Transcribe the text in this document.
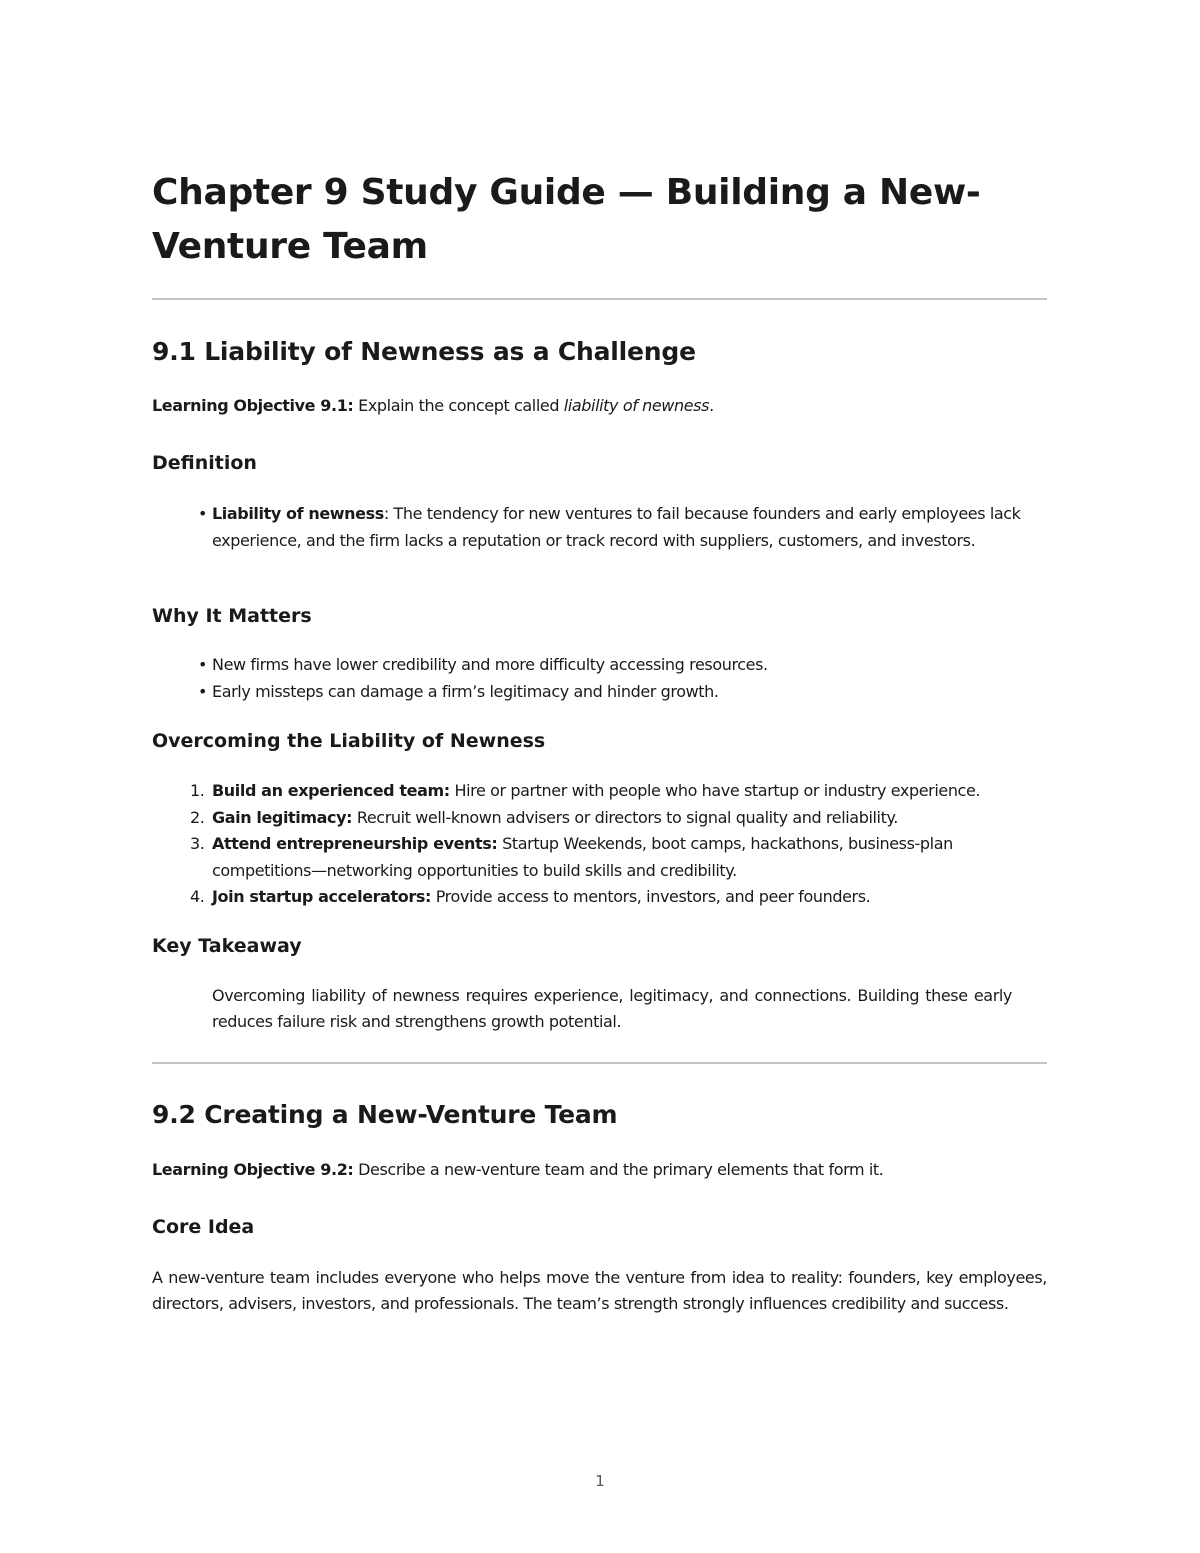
Chapter 9 Study Guide — Building a New-Venture Team
9.1 Liability of Newness as a Challenge

Learning Objective 9.1: Explain the concept called liability of newness.

Definition
• Liability of newness: The tendency for new ventures to fail because founders and early employees lack experience, and the firm lacks a reputation or track record with suppliers, customers, and investors.
Why It Matters
• New firms have lower credibility and more difficulty accessing resources.
• Early missteps can damage a firm’s legitimacy and hinder growth.
Overcoming the Liability of Newness
1. Build an experienced team: Hire or partner with people who have startup or industry experience.
2. Gain legitimacy: Recruit well-known advisers or directors to signal quality and reliability.
3. Attend entrepreneurship events: Startup Weekends, boot camps, hackathons, business-plan competitions—networking opportunities to build skills and credibility.
4. Join startup accelerators: Provide access to mentors, investors, and peer founders.
Key Takeaway

Overcoming liability of newness requires experience, legitimacy, and connections. Building these early reduces failure risk and strengthens growth potential.

9.2 Creating a New-Venture Team

Learning Objective 9.2: Describe a new-venture team and the primary elements that form it.

Core Idea

A new-venture team includes everyone who helps move the venture from idea to reality: founders, key employees, directors, advisers, investors, and professionals. The team’s strength strongly influences credibility and success.

1
